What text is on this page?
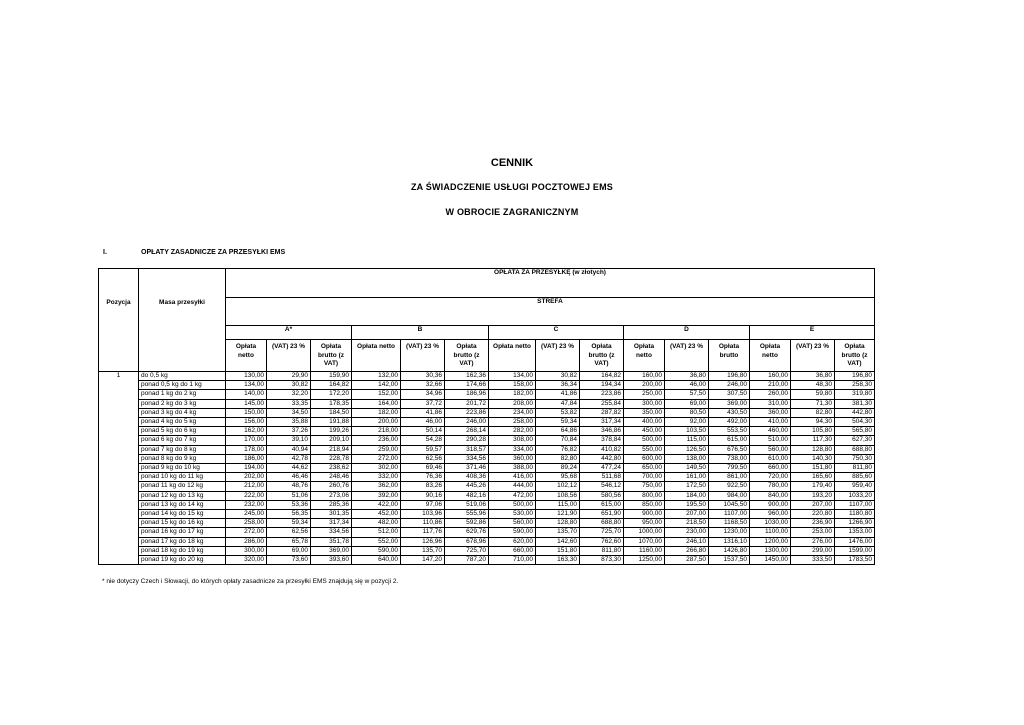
CENNIK
ZA ŚWIADCZENIE USŁUGI POCZTOWEJ EMS
W OBROCIE ZAGRANICZNYM
I.	OPŁATY ZASADNICZE ZA PRZESYŁKI EMS
Pozycja	Masa przesyłki	OPŁATA ZA PRZESYŁKĘ (w złotych)														
		STREFA														
		A*			B			C			D			E		
		Opłata netto	(VAT) 23 %	Opłata brutto (z VAT)	Opłata netto	(VAT) 23 %	Opłata brutto (z VAT)	Opłata netto	(VAT) 23 %	Opłata brutto (z VAT)	Opłata netto	(VAT) 23 %	Opłata brutto	Opłata netto	(VAT) 23 %	Opłata brutto (z VAT)
1	do 0,5 kg	130,00	29,90	159,90	132,00	30,36	162,36	134,00	30,82	164,82	160,00	36,80	196,80	160,00	36,80	196,80
	ponad 0,5 kg do 1 kg	134,00	30,82	164,82	142,00	32,66	174,66	158,00	36,34	194,34	200,00	46,00	246,00	210,00	48,30	258,30
	ponad 1 kg do 2 kg	140,00	32,20	172,20	152,00	34,96	186,96	182,00	41,86	223,86	250,00	57,50	307,50	260,00	59,80	319,80
	ponad 2 kg do 3 kg	145,00	33,35	178,35	164,00	37,72	201,72	208,00	47,84	255,84	300,00	69,00	369,00	310,00	71,30	381,30
	ponad 3 kg do 4 kg	150,00	34,50	184,50	182,00	41,86	223,86	234,00	53,82	287,82	350,00	80,50	430,50	360,00	82,80	442,80
	ponad 4 kg do 5 kg	156,00	35,88	191,88	200,00	46,00	246,00	258,00	59,34	317,34	400,00	92,00	492,00	410,00	94,30	504,30
	ponad 5 kg do 6 kg	162,00	37,26	199,26	218,00	50,14	268,14	282,00	64,86	346,86	450,00	103,50	553,50	460,00	105,80	565,80
	ponad 6 kg do 7 kg	170,00	39,10	209,10	236,00	54,28	290,28	308,00	70,84	378,84	500,00	115,00	615,00	510,00	117,30	627,30
	ponad 7 kg do 8 kg	178,00	40,94	218,94	259,00	59,57	318,57	334,00	76,82	410,82	550,00	126,50	676,50	560,00	128,80	688,80
	ponad 8 kg do 9 kg	186,00	42,78	228,78	272,00	62,56	334,56	360,00	82,80	442,80	600,00	138,00	738,00	610,00	140,30	750,30
	ponad 9 kg do 10 kg	194,00	44,62	238,62	302,00	69,46	371,46	388,00	89,24	477,24	650,00	149,50	799,50	660,00	151,80	811,80
	ponad 10 kg do 11 kg	202,00	46,46	248,46	332,00	76,36	408,36	416,00	95,68	511,68	700,00	161,00	861,00	720,00	165,60	885,60
	ponad 11 kg do 12 kg	212,00	48,76	260,76	362,00	83,26	445,26	444,00	102,12	546,12	750,00	172,50	922,50	780,00	179,40	959,40
	ponad 12 kg do 13 kg	222,00	51,06	273,06	392,00	90,16	482,16	472,00	108,56	580,56	800,00	184,00	984,00	840,00	193,20	1033,20
	ponad 13 kg do 14 kg	232,00	53,36	285,36	422,00	97,06	519,06	500,00	115,00	615,00	850,00	195,50	1045,50	900,00	207,00	1107,00
	ponad 14 kg do 15 kg	245,00	56,35	301,35	452,00	103,96	555,96	530,00	121,90	651,90	900,00	207,00	1107,00	960,00	220,80	1180,80
	ponad 15 kg do 16 kg	258,00	59,34	317,34	482,00	110,86	592,86	560,00	128,80	688,80	950,00	218,50	1168,50	1030,00	236,90	1266,90
	ponad 16 kg do 17 kg	272,00	62,56	334,56	512,00	117,76	629,76	590,00	135,70	725,70	1000,00	230,00	1230,00	1100,00	253,00	1353,00
	ponad 17 kg do 18 kg	286,00	65,78	351,78	552,00	126,96	678,96	620,00	142,60	762,60	1070,00	246,10	1316,10	1200,00	276,00	1476,00
	ponad 18 kg do 19 kg	300,00	69,00	369,00	590,00	135,70	725,70	660,00	151,80	811,80	1160,00	266,80	1426,80	1300,00	299,00	1599,00
	ponad 19 kg do 20 kg	320,00	73,60	393,60	640,00	147,20	787,20	710,00	163,30	873,30	1250,00	287,50	1537,50	1450,00	333,50	1783,50
* nie dotyczy Czech i Słowacji, do których opłaty zasadnicze za przesyłki EMS znajdują się w pozycji 2.
